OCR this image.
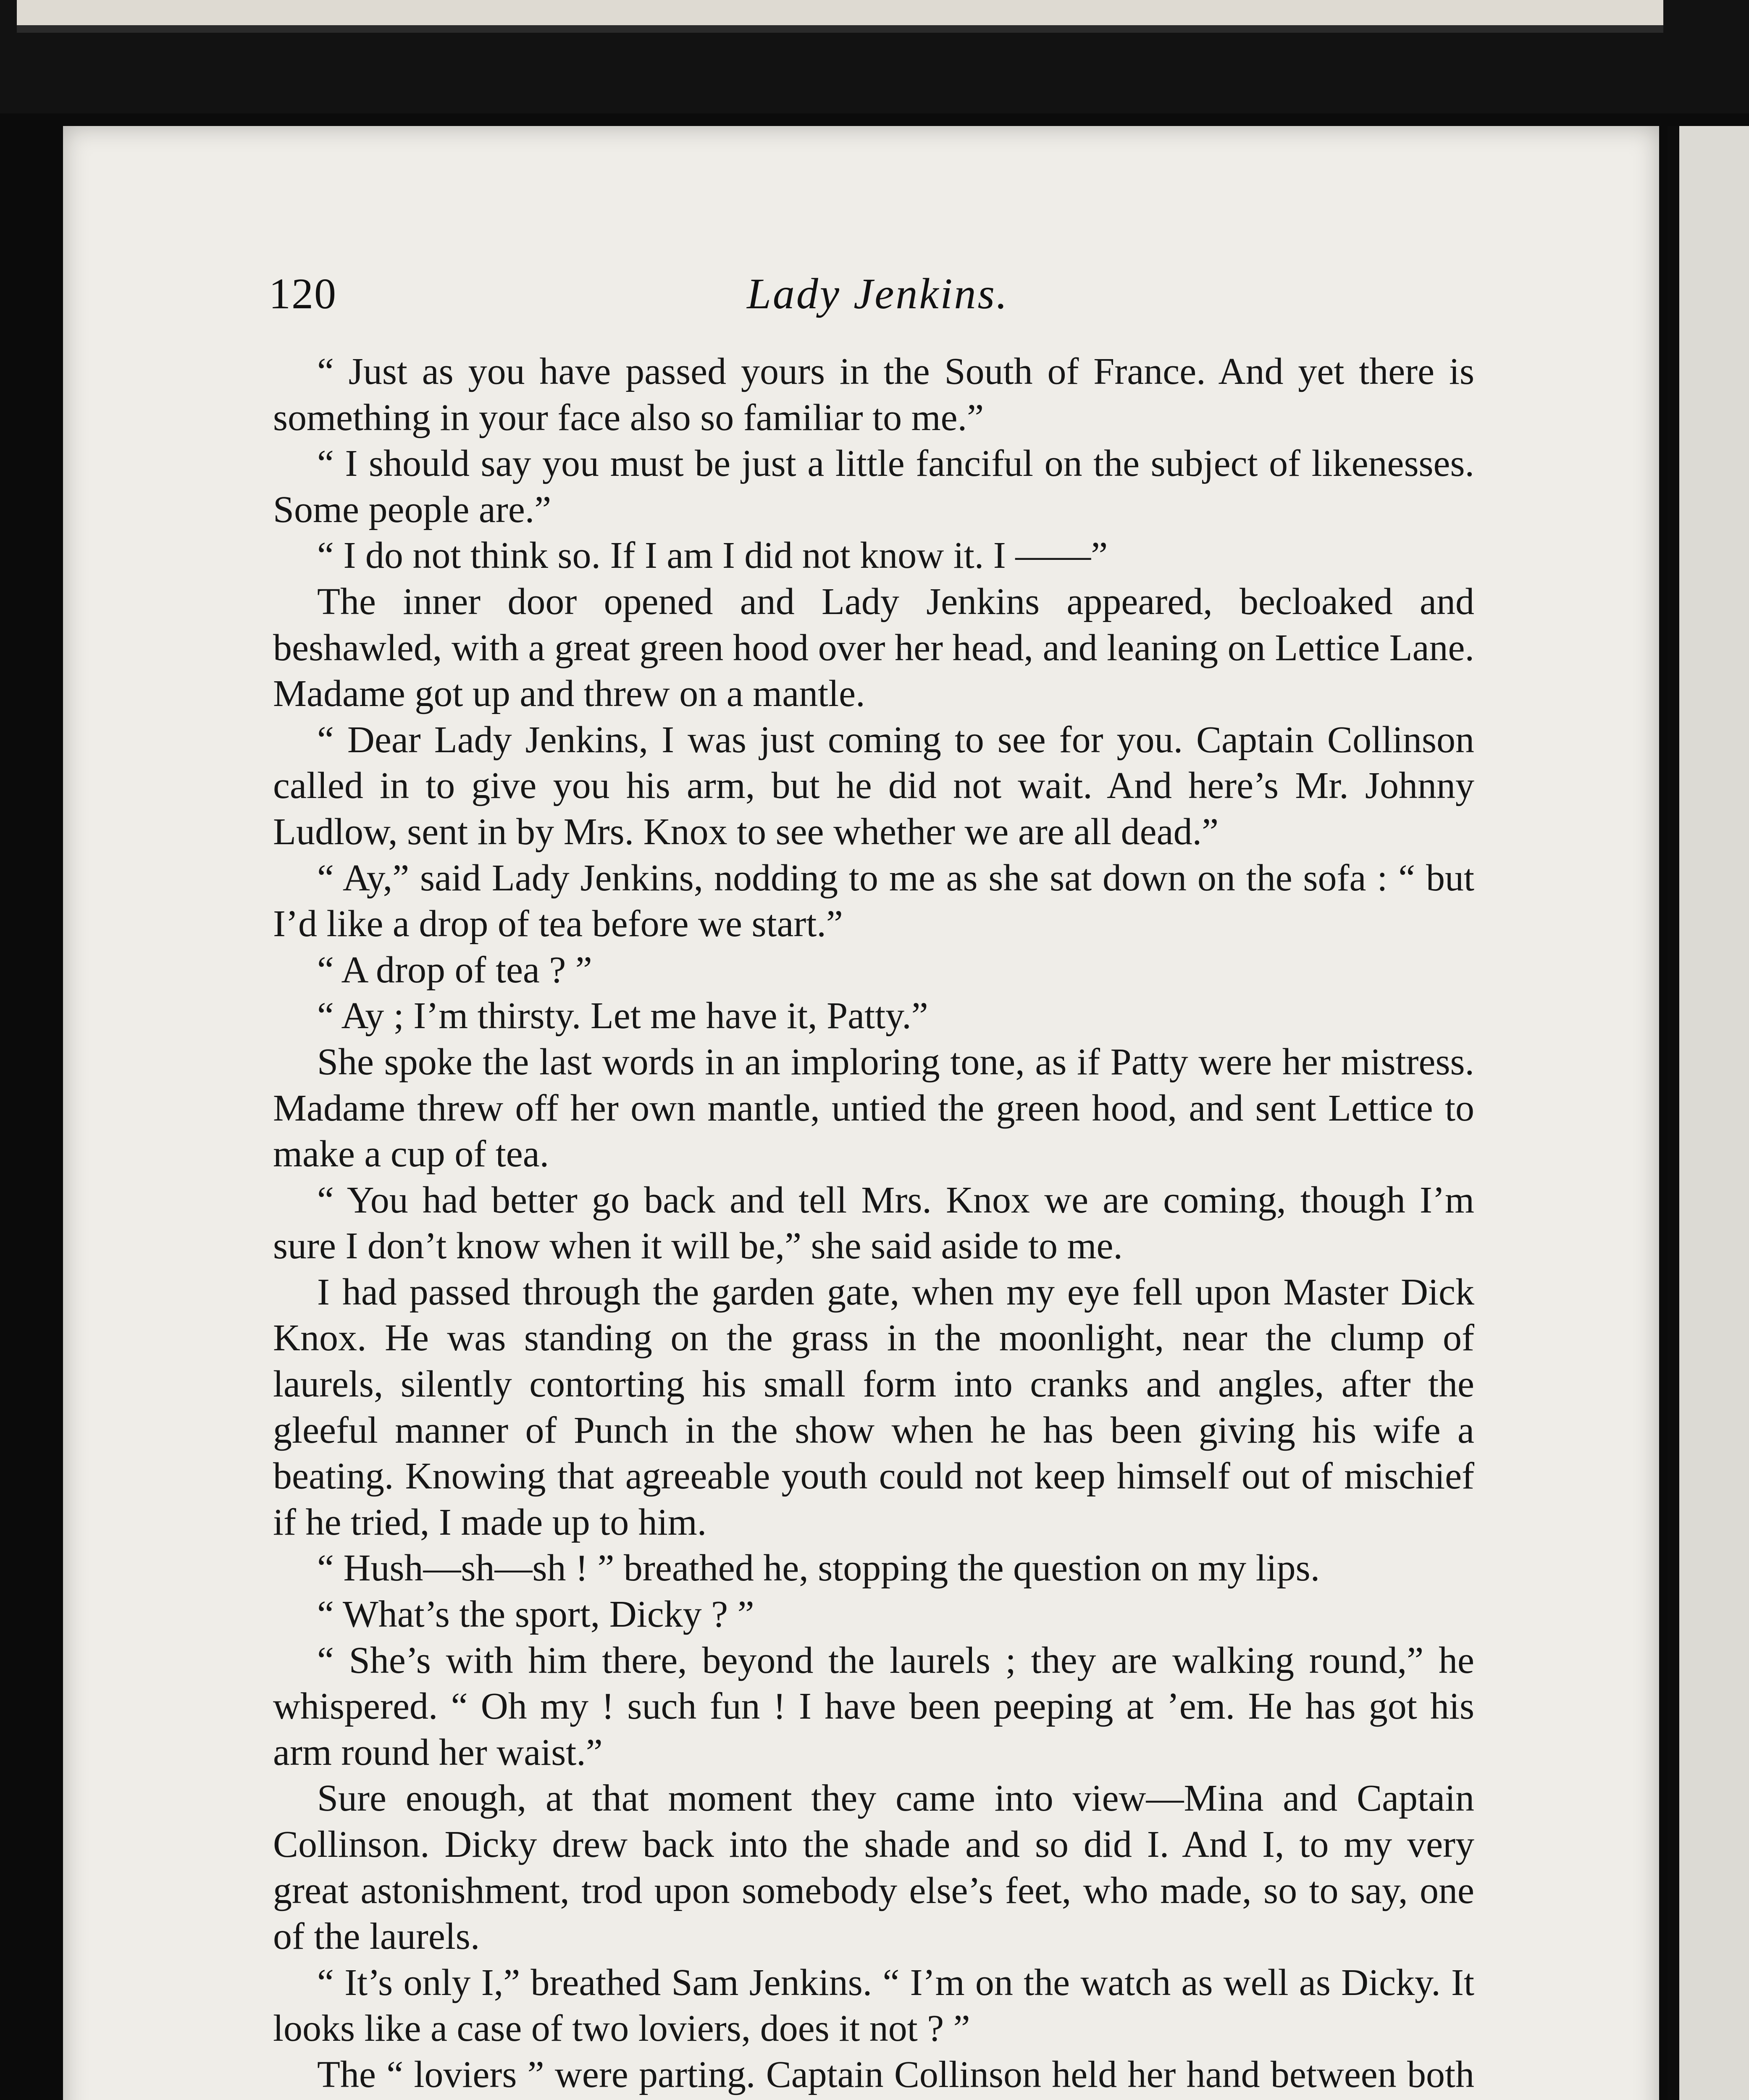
120	Lady Jenkins.

“ Just as you have passed yours in the South of France. And yet there is something in your face also so familiar to me.”

“ I should say you must be just a little fanciful on the subject of likenesses. Some people are.”

“ I do not think so. If I am I did not know it. I ——”

The inner door opened and Lady Jenkins appeared, becloaked and beshawled, with a great green hood over her head, and leaning on Lettice Lane. Madame got up and threw on a mantle.

“ Dear Lady Jenkins, I was just coming to see for you. Captain Collinson called in to give you his arm, but he did not wait. And here’s Mr. Johnny Ludlow, sent in by Mrs. Knox to see whether we are all dead.”

“ Ay,” said Lady Jenkins, nodding to me as she sat down on the sofa : “ but I’d like a drop of tea before we start.”

“ A drop of tea ? ”

“ Ay ; I’m thirsty. Let me have it, Patty.”

She spoke the last words in an imploring tone, as if Patty were her mistress. Madame threw off her own mantle, untied the green hood, and sent Lettice to make a cup of tea.

“ You had better go back and tell Mrs. Knox we are coming, though I’m sure I don’t know when it will be,” she said aside to me.

I had passed through the garden gate, when my eye fell upon Master Dick Knox. He was standing on the grass in the moonlight, near the clump of laurels, silently contorting his small form into cranks and angles, after the gleeful manner of Punch in the show when he has been giving his wife a beating. Knowing that agreeable youth could not keep himself out of mischief if he tried, I made up to him.

“ Hush—sh—sh ! ” breathed he, stopping the question on my lips.

“ What’s the sport, Dicky ? ”

“ She’s with him there, beyond the laurels ; they are walking round,” he whispered. “ Oh my ! such fun ! I have been peeping at ’em. He has got his arm round her waist.”

Sure enough, at that moment they came into view—Mina and Captain Collinson. Dicky drew back into the shade and so did I. And I, to my very great astonishment, trod upon somebody else’s feet, who made, so to say, one of the laurels.

“ It’s only I,” breathed Sam Jenkins. “ I’m on the watch as well as Dicky. It looks like a case of two loviers, does it not ? ”

The “ loviers ” were parting. Captain Collinson held her hand between both
